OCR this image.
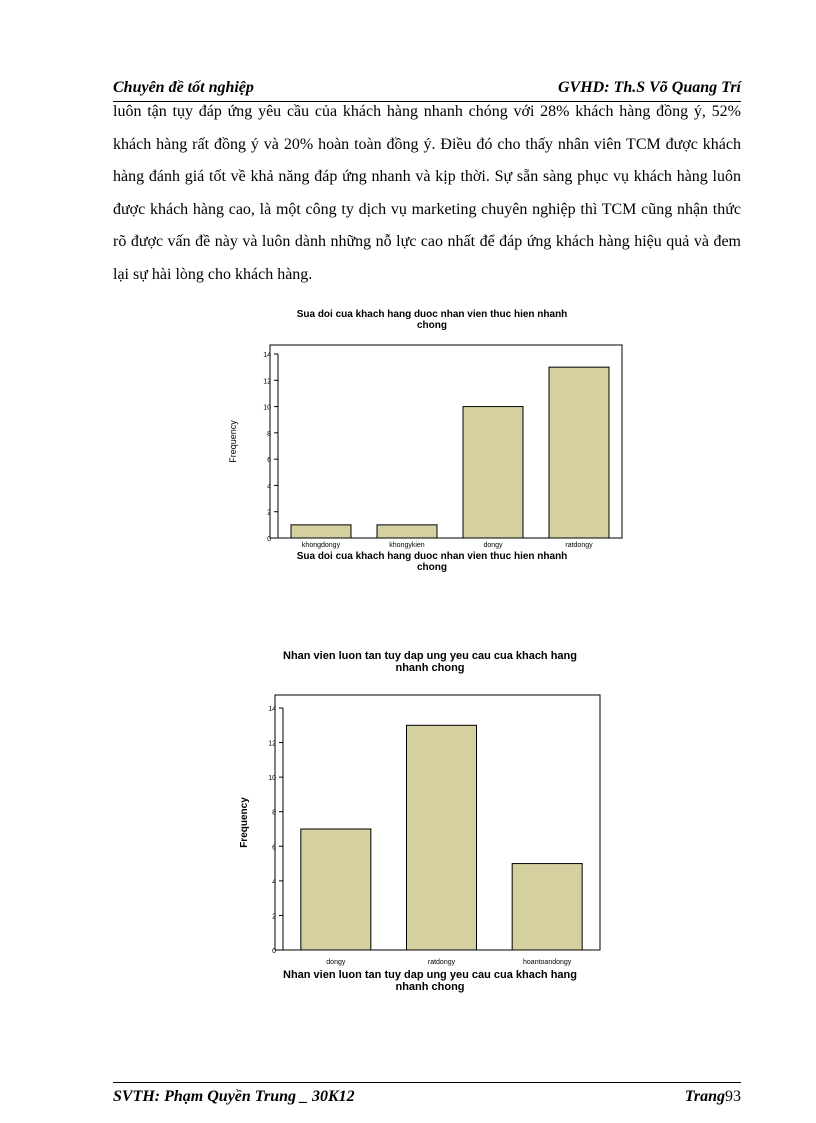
Chuyên đề tốt nghiệp	GVHD: Th.S Võ Quang Trí

luôn tận tụy đáp ứng yêu cầu của khách hàng nhanh chóng với 28% khách hàng đồng ý, 52% khách hàng rất đồng ý và 20% hoàn toàn đồng ý. Điều đó cho thấy nhân viên TCM được khách hàng đánh giá tốt về khả năng đáp ứng nhanh và kịp thời. Sự sẵn sàng phục vụ khách hàng luôn được khách hàng cao, là một công ty dịch vụ marketing chuyên nghiệp thì TCM cũng nhận thức rõ được vấn đề này và luôn dành những nỗ lực cao nhất để đáp ứng khách hàng hiệu quả và đem lại sự hài lòng cho khách hàng.

Sua doi cua khach hang duoc nhan vien thuc hien nhanh
chong
0
2
4
6
8
10
12
14
Frequency
khongdongy	khongykien	dongy	ratdongy
Sua doi cua khach hang duoc nhan vien thuc hien nhanh
chong
Nhan vien luon tan tuy dap ung yeu cau cua khach hang
nhanh chong
0
2
4
6
8
10
12
14
Frequency
dongy	ratdongy	hoantoandongy
Nhan vien luon tan tuy dap ung yeu cau cua khach hang
nhanh chong
SVTH: Phạm Quyền Trung _ 30K12	Trang93
